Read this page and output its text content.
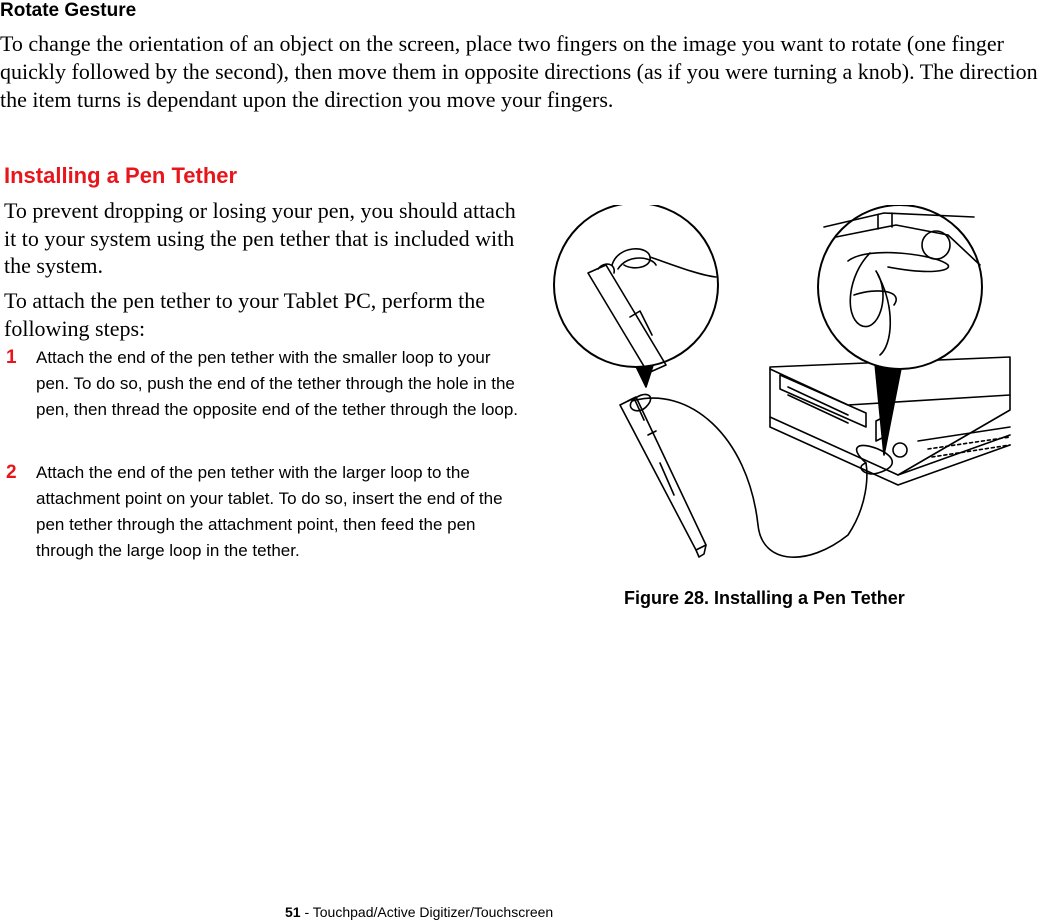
Rotate Gesture

To change the orientation of an object on the screen, place two fingers on the image you want to rotate (one finger quickly followed by the second), then move them in opposite directions (as if you were turning a knob). The direction the item turns is dependant upon the direction you move your fingers.

Installing a Pen Tether

To prevent dropping or losing your pen, you should attach it to your system using the pen tether that is included with the system.

To attach the pen tether to your Tablet PC, perform the following steps:

1 Attach the end of the pen tether with the smaller loop to your pen. To do so, push the end of the tether through the hole in the pen, then thread the opposite end of the tether through the loop.

2 Attach the end of the pen tether with the larger loop to the attachment point on your tablet. To do so, insert the end of the pen tether through the attachment point, then feed the pen through the large loop in the tether.

Figure 28. Installing a Pen Tether
51 - Touchpad/Active Digitizer/Touchscreen
